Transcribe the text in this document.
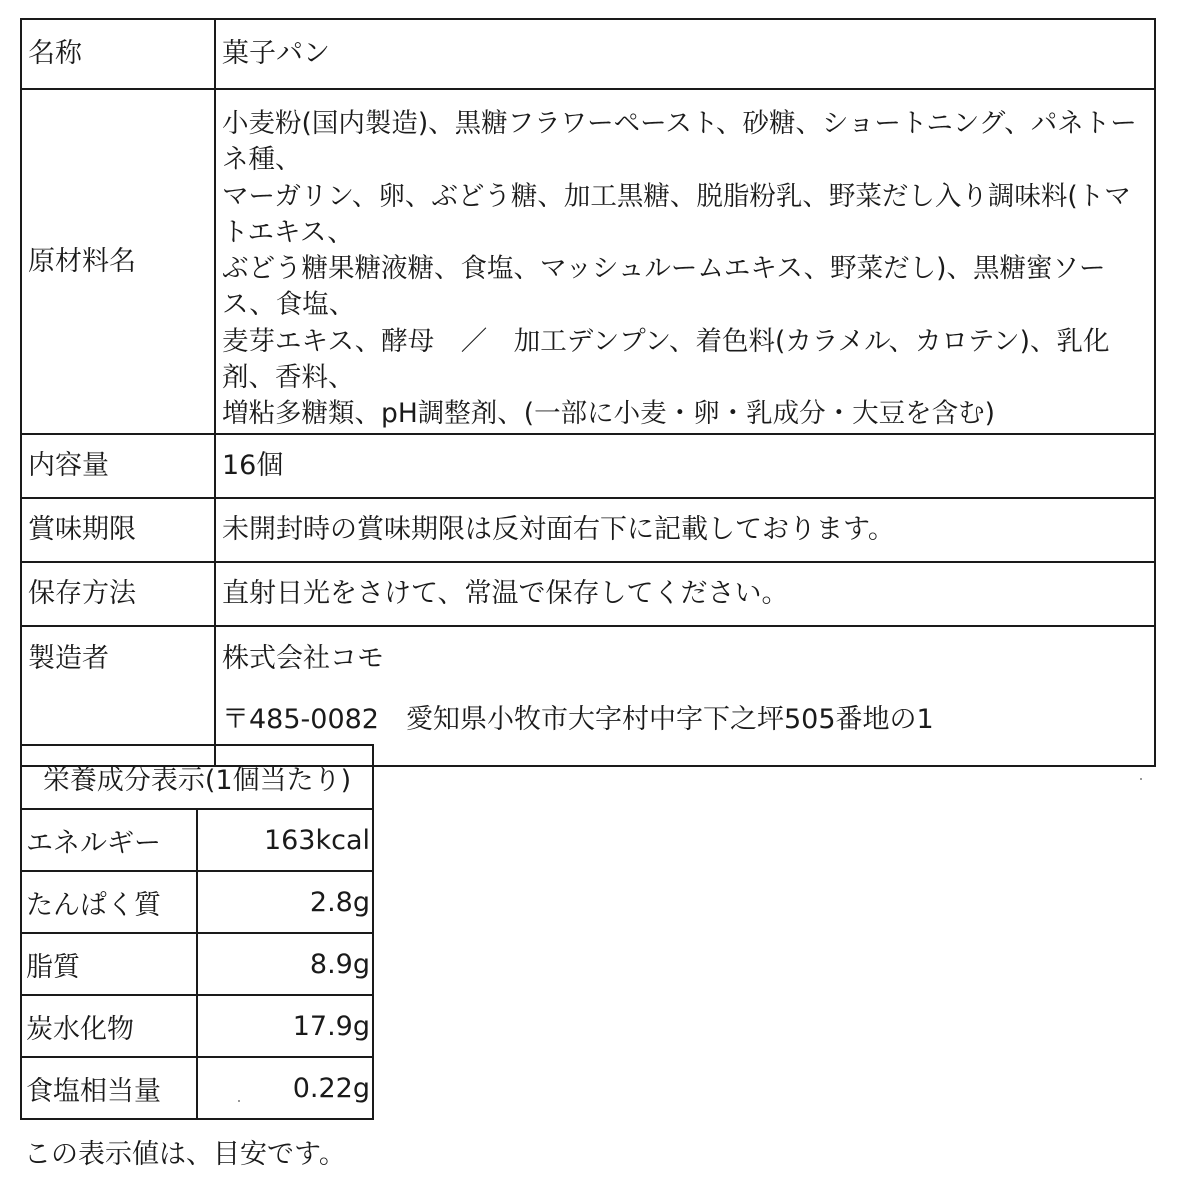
名称	菓子パン
原材料名	小麦粉(国内製造)、黒糖フラワーペースト、砂糖、ショートニング、パネトーネ種、
マーガリン、卵、ぶどう糖、加工黒糖、脱脂粉乳、野菜だし入り調味料(トマトエキス、
ぶどう糖果糖液糖、食塩、マッシュルームエキス、野菜だし)、黒糖蜜ソース、食塩、
麦芽エキス、酵母　／　加工デンプン、着色料(カラメル、カロテン)、乳化剤、香料、
増粘多糖類、pH調整剤、(一部に小麦・卵・乳成分・大豆を含む)

内容量	16個
賞味期限	未開封時の賞味期限は反対面右下に記載しております。
保存方法	直射日光をさけて、常温で保存してください。
製造者	株式会社コモ
〒485-0082　愛知県小牧市大字村中字下之坪505番地の1
栄養成分表示(1個当たり)	
エネルギー	163kcal
たんぱく質	2.8g
脂質	8.9g
炭水化物	17.9g
食塩相当量	0.22g
この表示値は、目安です。
